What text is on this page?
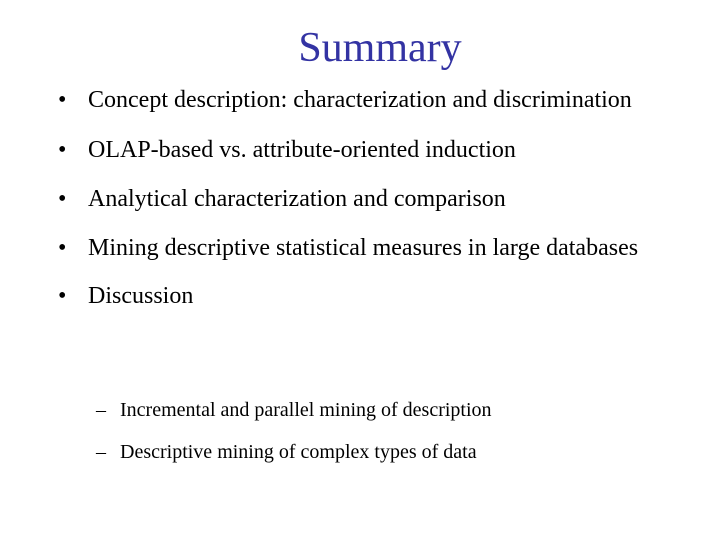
Summary
• Concept description: characterization and discrimination
• OLAP-based vs. attribute-oriented induction
• Analytical characterization and comparison
• Mining descriptive statistical measures in large databases
• Discussion
– Incremental and parallel mining of description
– Descriptive mining of complex types of data
